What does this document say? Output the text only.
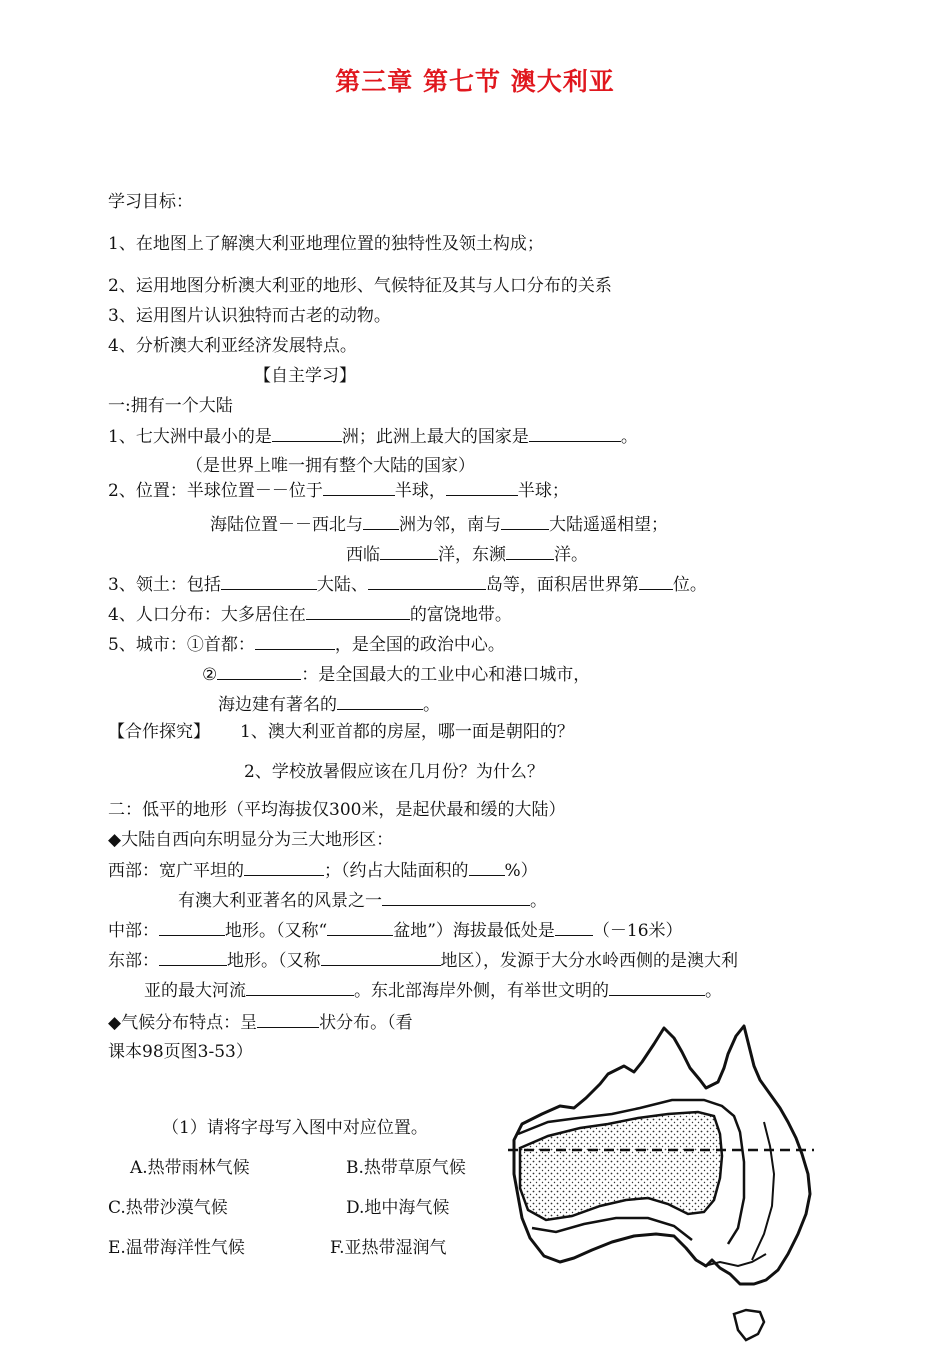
第三章 第七节 澳大利亚
学习目标：
1、在地图上了解澳大利亚地理位置的独特性及领土构成；
2、运用地图分析澳大利亚的地形、气候特征及其与人口分布的关系
3、运用图片认识独特而古老的动物。
4、分析澳大利亚经济发展特点。
【自主学习】
一:拥有一个大陆
1、七大洲中最小的是	洲；此洲上最大的国家是	。
（是世界上唯一拥有整个大陆的国家）
2、位置：半球位置－－位于	半球，	半球；
海陆位置－－西北与 洲为邻，南与	大陆遥遥相望；
西临	洋，东濒	洋。
3、领土：包括	大陆、	岛等，面积居世界第 位。
4、人口分布：大多居住在	的富饶地带。
5、城市：①首都：	，是全国的政治中心。
②	：是全国最大的工业中心和港口城市，
海边建有著名的	。
【合作探究】 1、澳大利亚首都的房屋，哪一面是朝阳的？
2、学校放暑假应该在几月份？为什么？
二：低平的地形（平均海拔仅300米，是起伏最和缓的大陆）
◆大陆自西向东明显分为三大地形区：
西部：宽广平坦的	；（约占大陆面积的 %）
有澳大利亚著名的风景之一	。
中部：	地形。（又称“	盆地”）海拔最低处是 （－16米）
东部：	地形。（又称	地区），发源于大分水岭西侧的是澳大利
亚的最大河流	。东北部海岸外侧，有举世文明的	。
◆气候分布特点：呈	状分布。（看
课本98页图3-53）
（1）请将字母写入图中对应位置。
A.热带雨林气候	B.热带草原气候
C.热带沙漠气候	D.地中海气候
E.温带海洋性气候	F.亚热带湿润气
